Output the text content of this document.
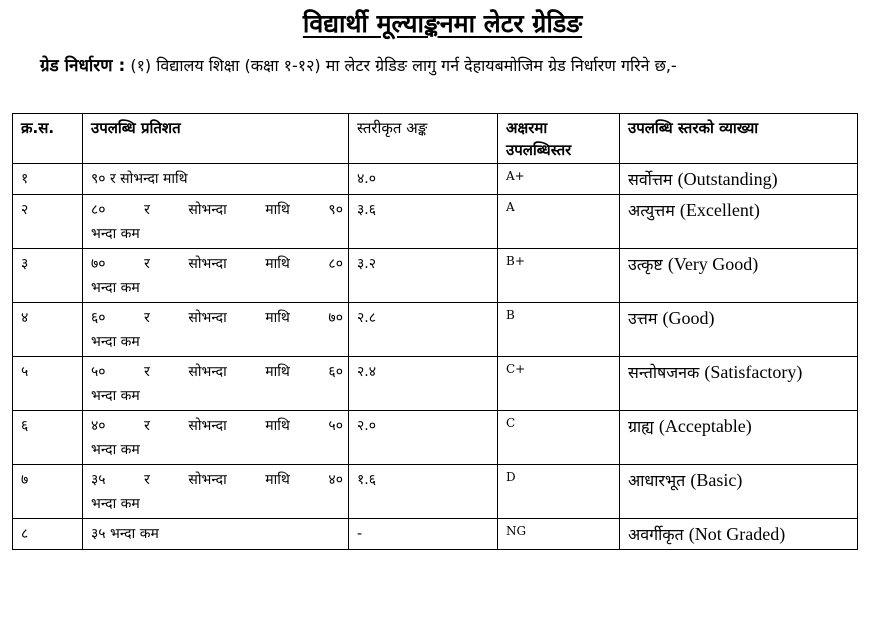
विद्यार्थी मूल्याङ्कनमा लेटर ग्रेडिङ
ग्रेड निर्धारण : (१) विद्यालय शिक्षा (कक्षा १-१२) मा लेटर ग्रेडिङ लागु गर्न देहायबमोजिम ग्रेड निर्धारण गरिने छ,-
क्र.स.	उपलब्धि प्रतिशत	स्तरीकृत अङ्क	अक्षरमा उपलब्धिस्तर	उपलब्धि स्तरको व्याख्या
१	९० र सोभन्दा माथि	४.०	A+	सर्वोत्तम (Outstanding)
२	८० र सोभन्दा माथि ९०
भन्दा कम	३.६	A	अत्युत्तम (Excellent)
३	७० र सोभन्दा माथि ८०
भन्दा कम	३.२	B+	उत्कृष्ट (Very Good)
४	६० र सोभन्दा माथि ७०
भन्दा कम	२.८	B	उत्तम (Good)
५	५० र सोभन्दा माथि ६०
भन्दा कम	२.४	C+	सन्तोषजनक (Satisfactory)
६	४० र सोभन्दा माथि ५०
भन्दा कम	२.०	C	ग्राह्य (Acceptable)
७	३५ र सोभन्दा माथि ४०
भन्दा कम	१.६	D	आधारभूत (Basic)
८	३५ भन्दा कम	-	NG	अवर्गीकृत (Not Graded)
